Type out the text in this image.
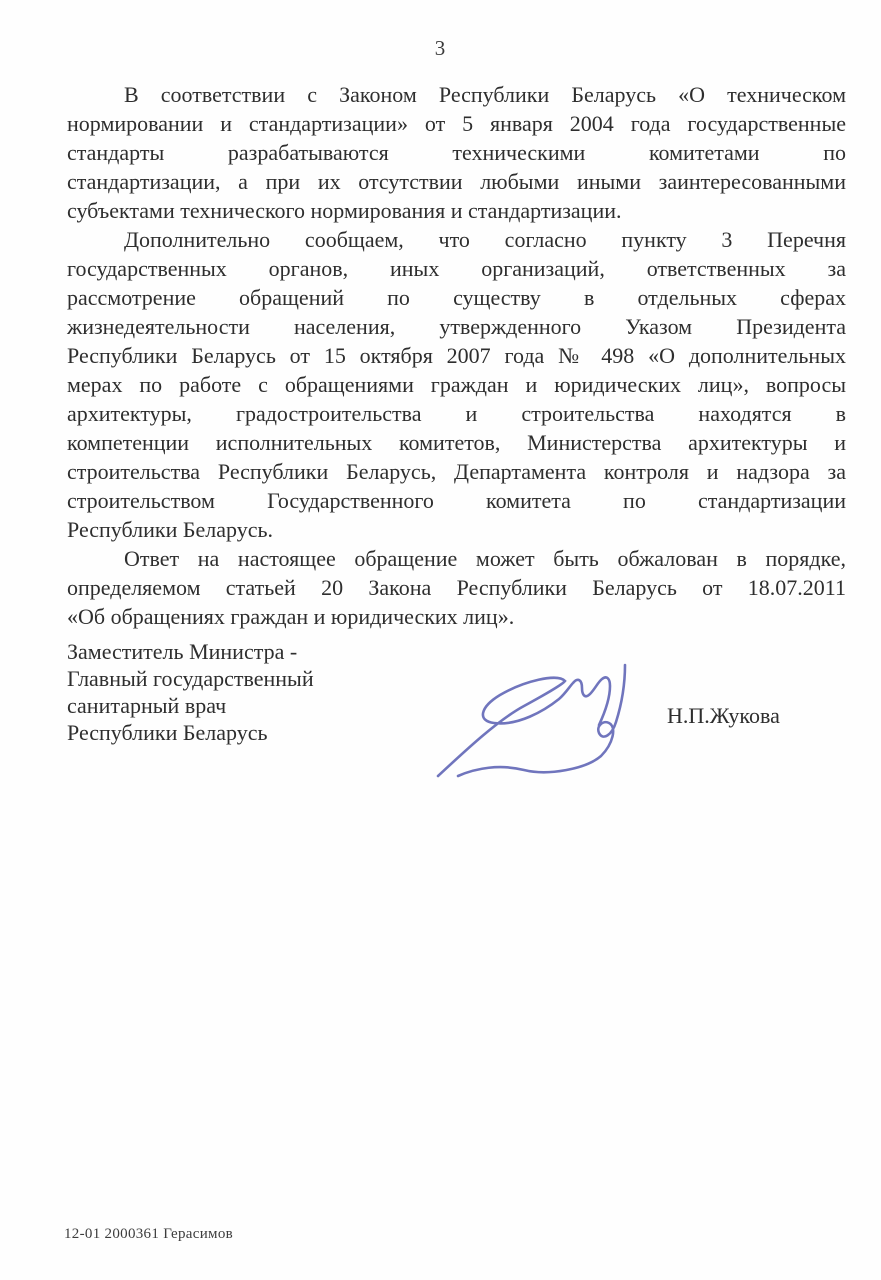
3
В соответствии с Законом Республики Беларусь «О техническом
нормировании и стандартизации» от 5 января 2004 года государственные
стандарты разрабатываются техническими комитетами по
стандартизации, а при их отсутствии любыми иными заинтересованными
субъектами технического нормирования и стандартизации.
Дополнительно сообщаем, что согласно пункту 3 Перечня
государственных органов, иных организаций, ответственных за
рассмотрение обращений по существу в отдельных сферах
жизнедеятельности населения, утвержденного Указом Президента
Республики Беларусь от 15 октября 2007 года № 498 «О дополнительных
мерах по работе с обращениями граждан и юридических лиц», вопросы
архитектуры, градостроительства и строительства находятся в
компетенции исполнительных комитетов, Министерства архитектуры и
строительства Республики Беларусь, Департамента контроля и надзора за
строительством Государственного комитета по стандартизации
Республики Беларусь.
Ответ на настоящее обращение может быть обжалован в порядке,
определяемом статьей 20 Закона Республики Беларусь от 18.07.2011
«Об обращениях граждан и юридических лиц».
Заместитель Министра -
Главный государственный
санитарный врач
Республики Беларусь
Н.П.Жукова
12-01 2000361 Герасимов
